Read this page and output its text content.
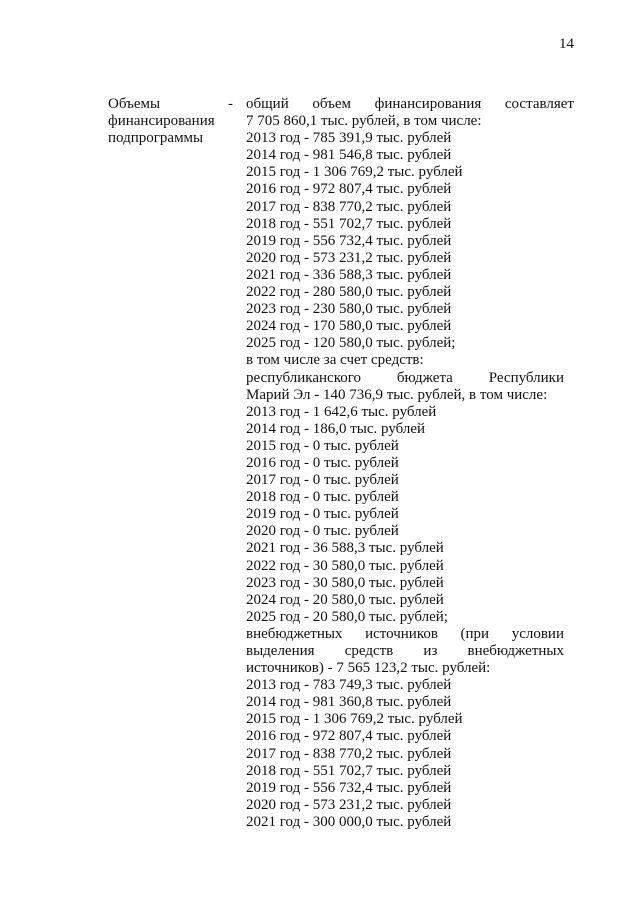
14
Объемы
финансирования
подпрограммы
- общий объем финансирования составляет
7 705 860,1 тыс. рублей, в том числе:
2013 год - 785 391,9 тыс. рублей
2014 год - 981 546,8 тыс. рублей
2015 год - 1 306 769,2 тыс. рублей
2016 год - 972 807,4 тыс. рублей
2017 год - 838 770,2 тыс. рублей
2018 год - 551 702,7 тыс. рублей
2019 год - 556 732,4 тыс. рублей
2020 год - 573 231,2 тыс. рублей
2021 год - 336 588,3 тыс. рублей
2022 год - 280 580,0 тыс. рублей
2023 год - 230 580,0 тыс. рублей
2024 год - 170 580,0 тыс. рублей
2025 год - 120 580,0 тыс. рублей;
в том числе за счет средств:
республиканского бюджета Республики
Марий Эл - 140 736,9 тыс. рублей, в том числе:
2013 год - 1 642,6 тыс. рублей
2014 год - 186,0 тыс. рублей
2015 год - 0 тыс. рублей
2016 год - 0 тыс. рублей
2017 год - 0 тыс. рублей
2018 год - 0 тыс. рублей
2019 год - 0 тыс. рублей
2020 год - 0 тыс. рублей
2021 год - 36 588,3 тыс. рублей
2022 год - 30 580,0 тыс. рублей
2023 год - 30 580,0 тыс. рублей
2024 год - 20 580,0 тыс. рублей
2025 год - 20 580,0 тыс. рублей;
внебюджетных источников (при условии
выделения средств из внебюджетных
источников) - 7 565 123,2 тыс. рублей:
2013 год - 783 749,3 тыс. рублей
2014 год - 981 360,8 тыс. рублей
2015 год - 1 306 769,2 тыс. рублей
2016 год - 972 807,4 тыс. рублей
2017 год - 838 770,2 тыс. рублей
2018 год - 551 702,7 тыс. рублей
2019 год - 556 732,4 тыс. рублей
2020 год - 573 231,2 тыс. рублей
2021 год - 300 000,0 тыс. рублей
